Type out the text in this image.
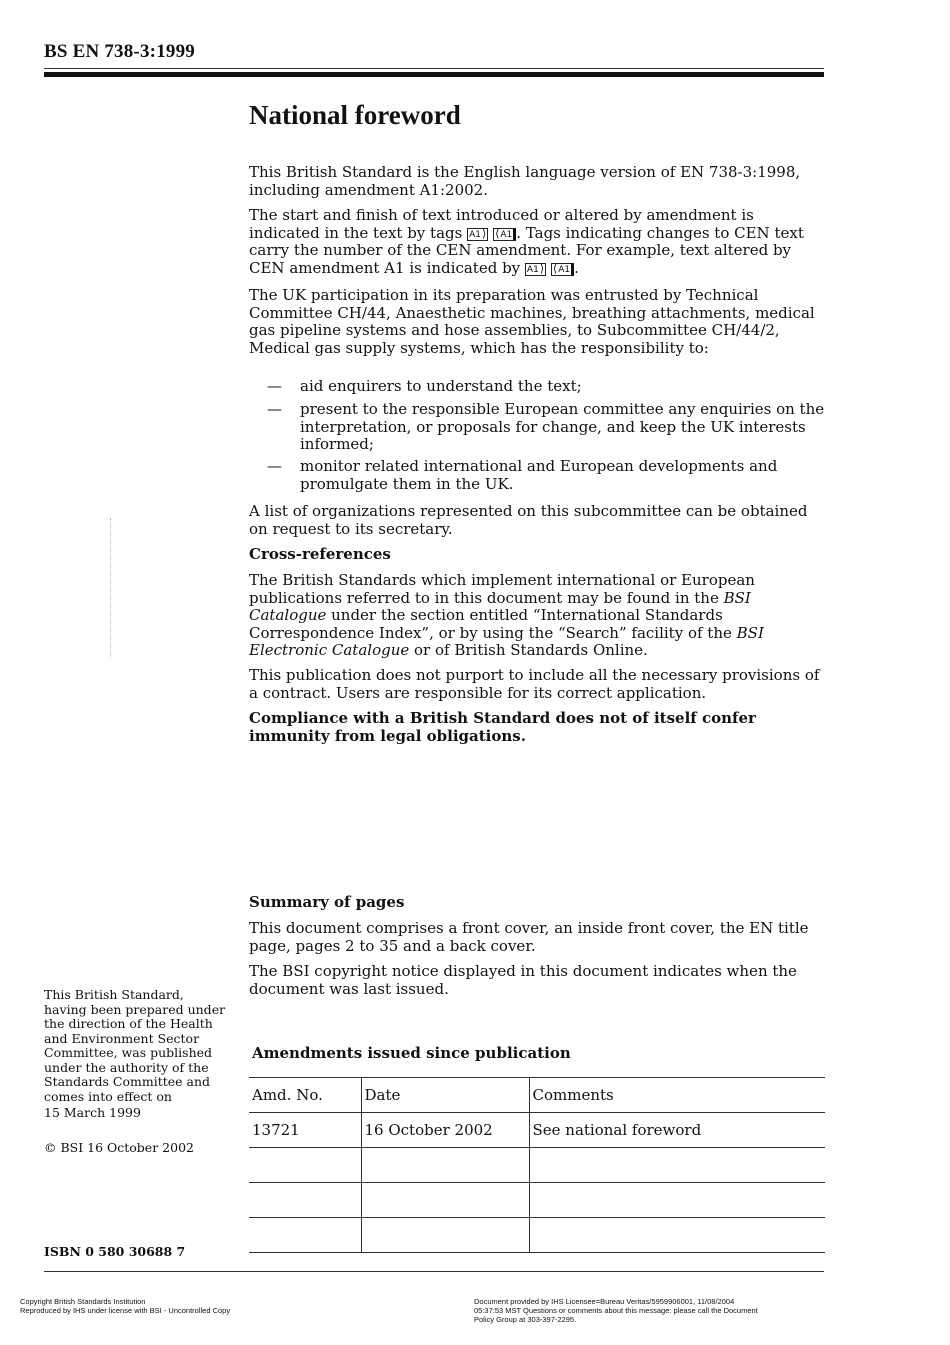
BS EN 738-3:1999
National foreword

This British Standard is the English language version of EN 738-3:1998, including amendment A1:2002.

The start and finish of text introduced or altered by amendment is indicated in the text by tags A1 ⟩ ⟨ A1 . Tags indicating changes to CEN text carry the number of the CEN amendment. For example, text altered by CEN amendment A1 is indicated by A1 ⟩ ⟨ A1 .

The UK participation in its preparation was entrusted by Technical Committee CH/44, Anaesthetic machines, breathing attachments, medical gas pipeline systems and hose assemblies, to Subcommittee CH/44/2, Medical gas supply systems, which has the responsibility to:

— aid enquirers to understand the text;
— present to the responsible European committee any enquiries on the interpretation, or proposals for change, and keep the UK interests informed;
— monitor related international and European developments and promulgate them in the UK.

A list of organizations represented on this subcommittee can be obtained on request to its secretary.

Cross-references

The British Standards which implement international or European publications referred to in this document may be found in the BSI Catalogue under the section entitled “International Standards Correspondence Index”, or by using the “Search” facility of the BSI Electronic Catalogue or of British Standards Online.

This publication does not purport to include all the necessary provisions of a contract. Users are responsible for its correct application.

Compliance with a British Standard does not of itself confer immunity from legal obligations.

Summary of pages

This document comprises a front cover, an inside front cover, the EN title page, pages 2 to 35 and a back cover.

The BSI copyright notice displayed in this document indicates when the document was last issued.

This British Standard, having been prepared under the direction of the Health and Environment Sector Committee, was published under the authority of the Standards Committee and comes into effect on
15 March 1999
© BSI 16 October 2002
ISBN 0 580 30688 7
Amendments issued since publication
Amd. No.	Date	Comments
13721	16 October 2002	See national foreword

Copyright British Standards Institution
Reproduced by IHS under license with BSI - Uncontrolled Copy
Document provided by IHS Licensee=Bureau Veritas/5959906001, 11/08/2004
05:37:53 MST Questions or comments about this message: please call the Document
Policy Group at 303-397-2295.
